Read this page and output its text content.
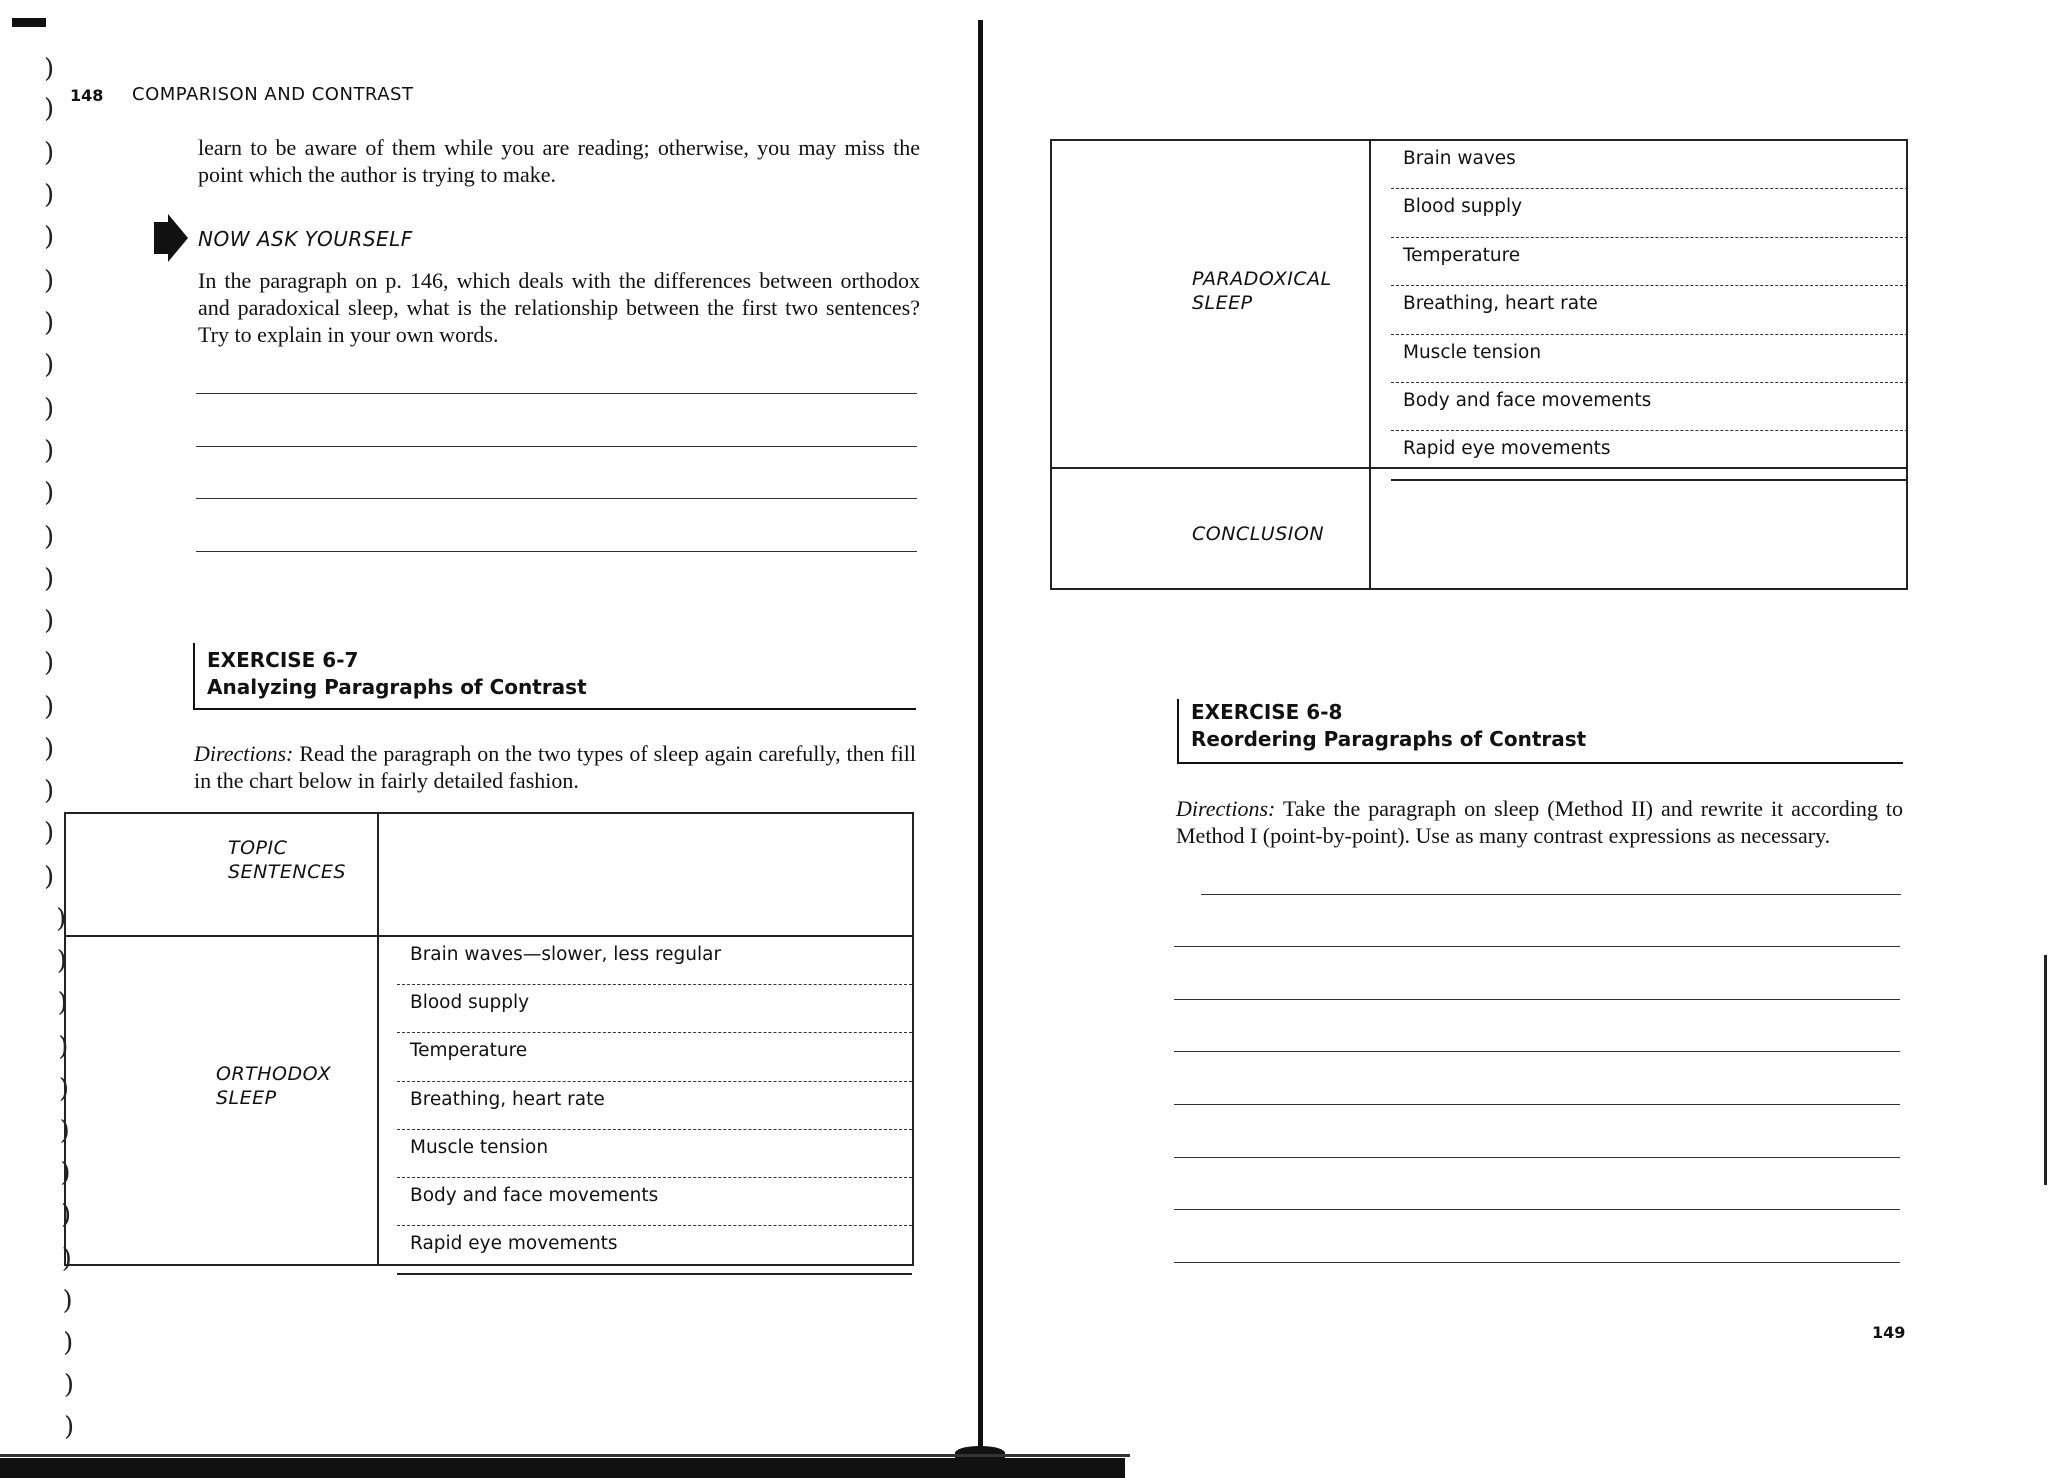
)
)
)
)
)
)
)
)
)
)
)
)
)
)
)
)
)
)
)
)
)
)
)
)
)
)
)
)
)
)
)
)
)
148 COMPARISON AND CONTRAST
learn to be aware of them while you are reading; otherwise, you may miss the point which the author is trying to make.
NOW ASK YOURSELF
In the paragraph on p. 146, which deals with the differences between orthodox and paradoxical sleep, what is the relationship between the first two sentences? Try to explain in your own words.
EXERCISE 6-7
Analyzing Paragraphs of Contrast
Directions: Read the paragraph on the two types of sleep again carefully, then fill in the chart below in fairly detailed fashion.
TOPIC
SENTENCES
ORTHODOX
SLEEP
Brain waves—slower, less regular
Blood supply
Temperature
Breathing, heart rate
Muscle tension
Body and face movements
Rapid eye movements
PARADOXICAL
SLEEP
CONCLUSION
Brain waves
Blood supply
Temperature
Breathing, heart rate
Muscle tension
Body and face movements
Rapid eye movements
EXERCISE 6-8
Reordering Paragraphs of Contrast
Directions: Take the paragraph on sleep (Method II) and rewrite it according to Method I (point-by-point). Use as many contrast expressions as necessary.
149
